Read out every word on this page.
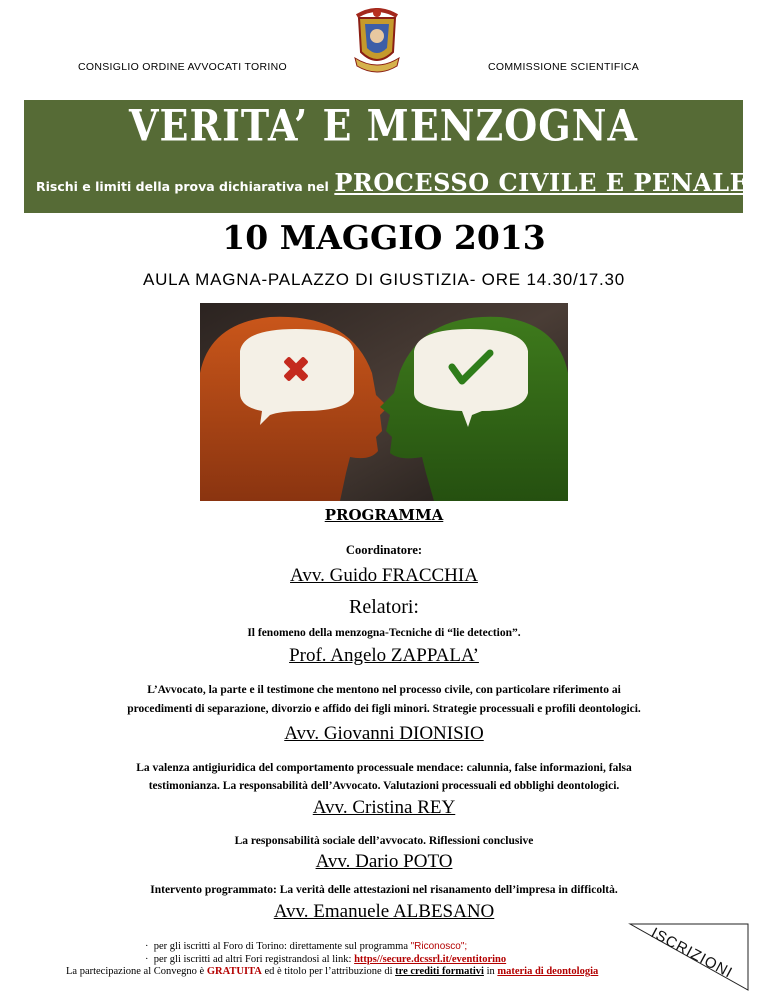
CONSIGLIO ORDINE AVVOCATI TORINO	COMMISSIONE SCIENTIFICA
VERITA’ E MENZOGNA
Rischi e limiti della prova dichiarativa nel PROCESSO CIVILE E PENALE
10 MAGGIO 2013
AULA MAGNA-PALAZZO DI GIUSTIZIA- ORE 14.30/17.30
PROGRAMMA
Coordinatore:
Avv. Guido FRACCHIA
Relatori:
Il fenomeno della menzogna-Tecniche di “lie detection”.
Prof. Angelo ZAPPALA’
L’Avvocato, la parte e il testimone che mentono nel processo civile, con particolare riferimento ai
procedimenti di separazione, divorzio e affido dei figli minori. Strategie processuali e profili deontologici.
Avv. Giovanni DIONISIO
La valenza antigiuridica del comportamento processuale mendace: calunnia, false informazioni, falsa
testimonianza. La responsabilità dell’Avvocato. Valutazioni processuali ed obblighi deontologici.
Avv. Cristina REY
La responsabilità sociale dell’avvocato. Riflessioni conclusive
Avv. Dario POTO
Intervento programmato: La verità delle attestazioni nel risanamento dell’impresa in difficoltà.
Avv. Emanuele ALBESANO
·  per gli iscritti al Foro di Torino: direttamente sul programma "Riconosco";
·  per gli iscritti ad altri Fori registrandosi al link: https//secure.dcssrl.it/eventitorino
La partecipazione al Convegno è GRATUITA ed è titolo per l’attribuzione di tre crediti formativi in materia di deontologia	ISCRIZIONI
